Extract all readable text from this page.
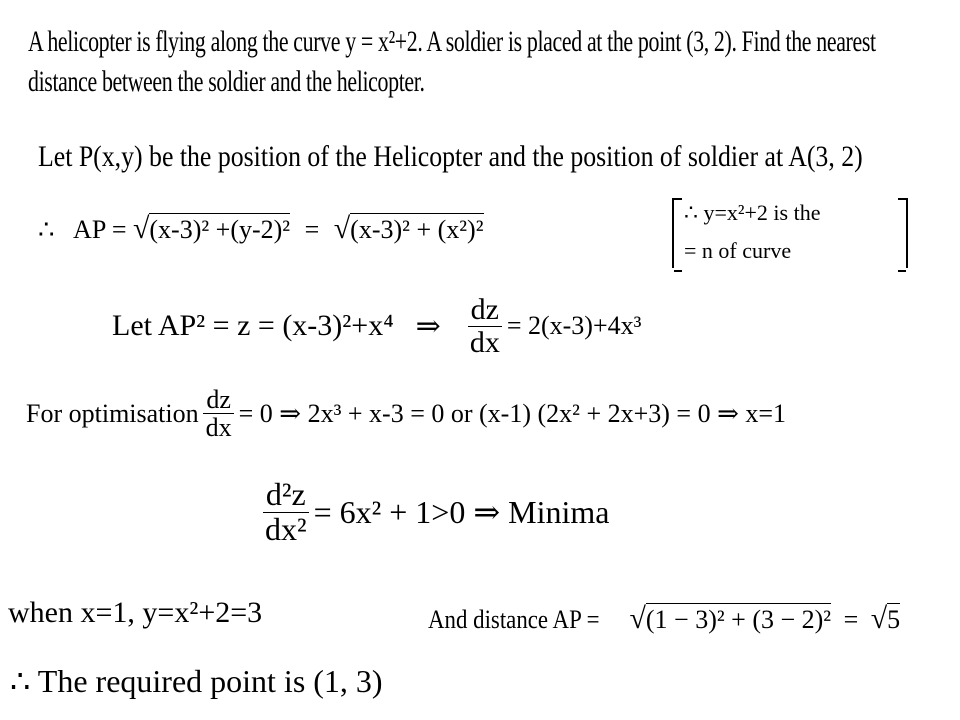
A helicopter is flying along the curve y = x²+2. A soldier is placed at the point (3, 2). Find the nearest
distance between the soldier and the helicopter.
Let P(x,y) be the position of the Helicopter and the position of soldier at A(3, 2)
∴ AP = √(x-3)² +(y-2)² = √(x-3)² + (x²)²
∴ y=x²+2 is the
= n of curve
Let AP² = z = (x-3)²+x⁴ ⇒ $\frac{dz}{dx} = 2(x-3)+4x^3$
For optimisation $\frac{dz}{dx} = 0$ ⇒ 2x³ + x-3 = 0 or (x-1) (2x² + 2x+3) = 0 ⇒ x=1
$\frac{\text{d²z}}{\text{dx²}} = 6x^2 + 1>0$ ⇒ Minima
when x=1, y=x²+2=3	And distance AP = √(1 − 3)² + (3 − 2)² = √5
∴ The required point is (1, 3)
